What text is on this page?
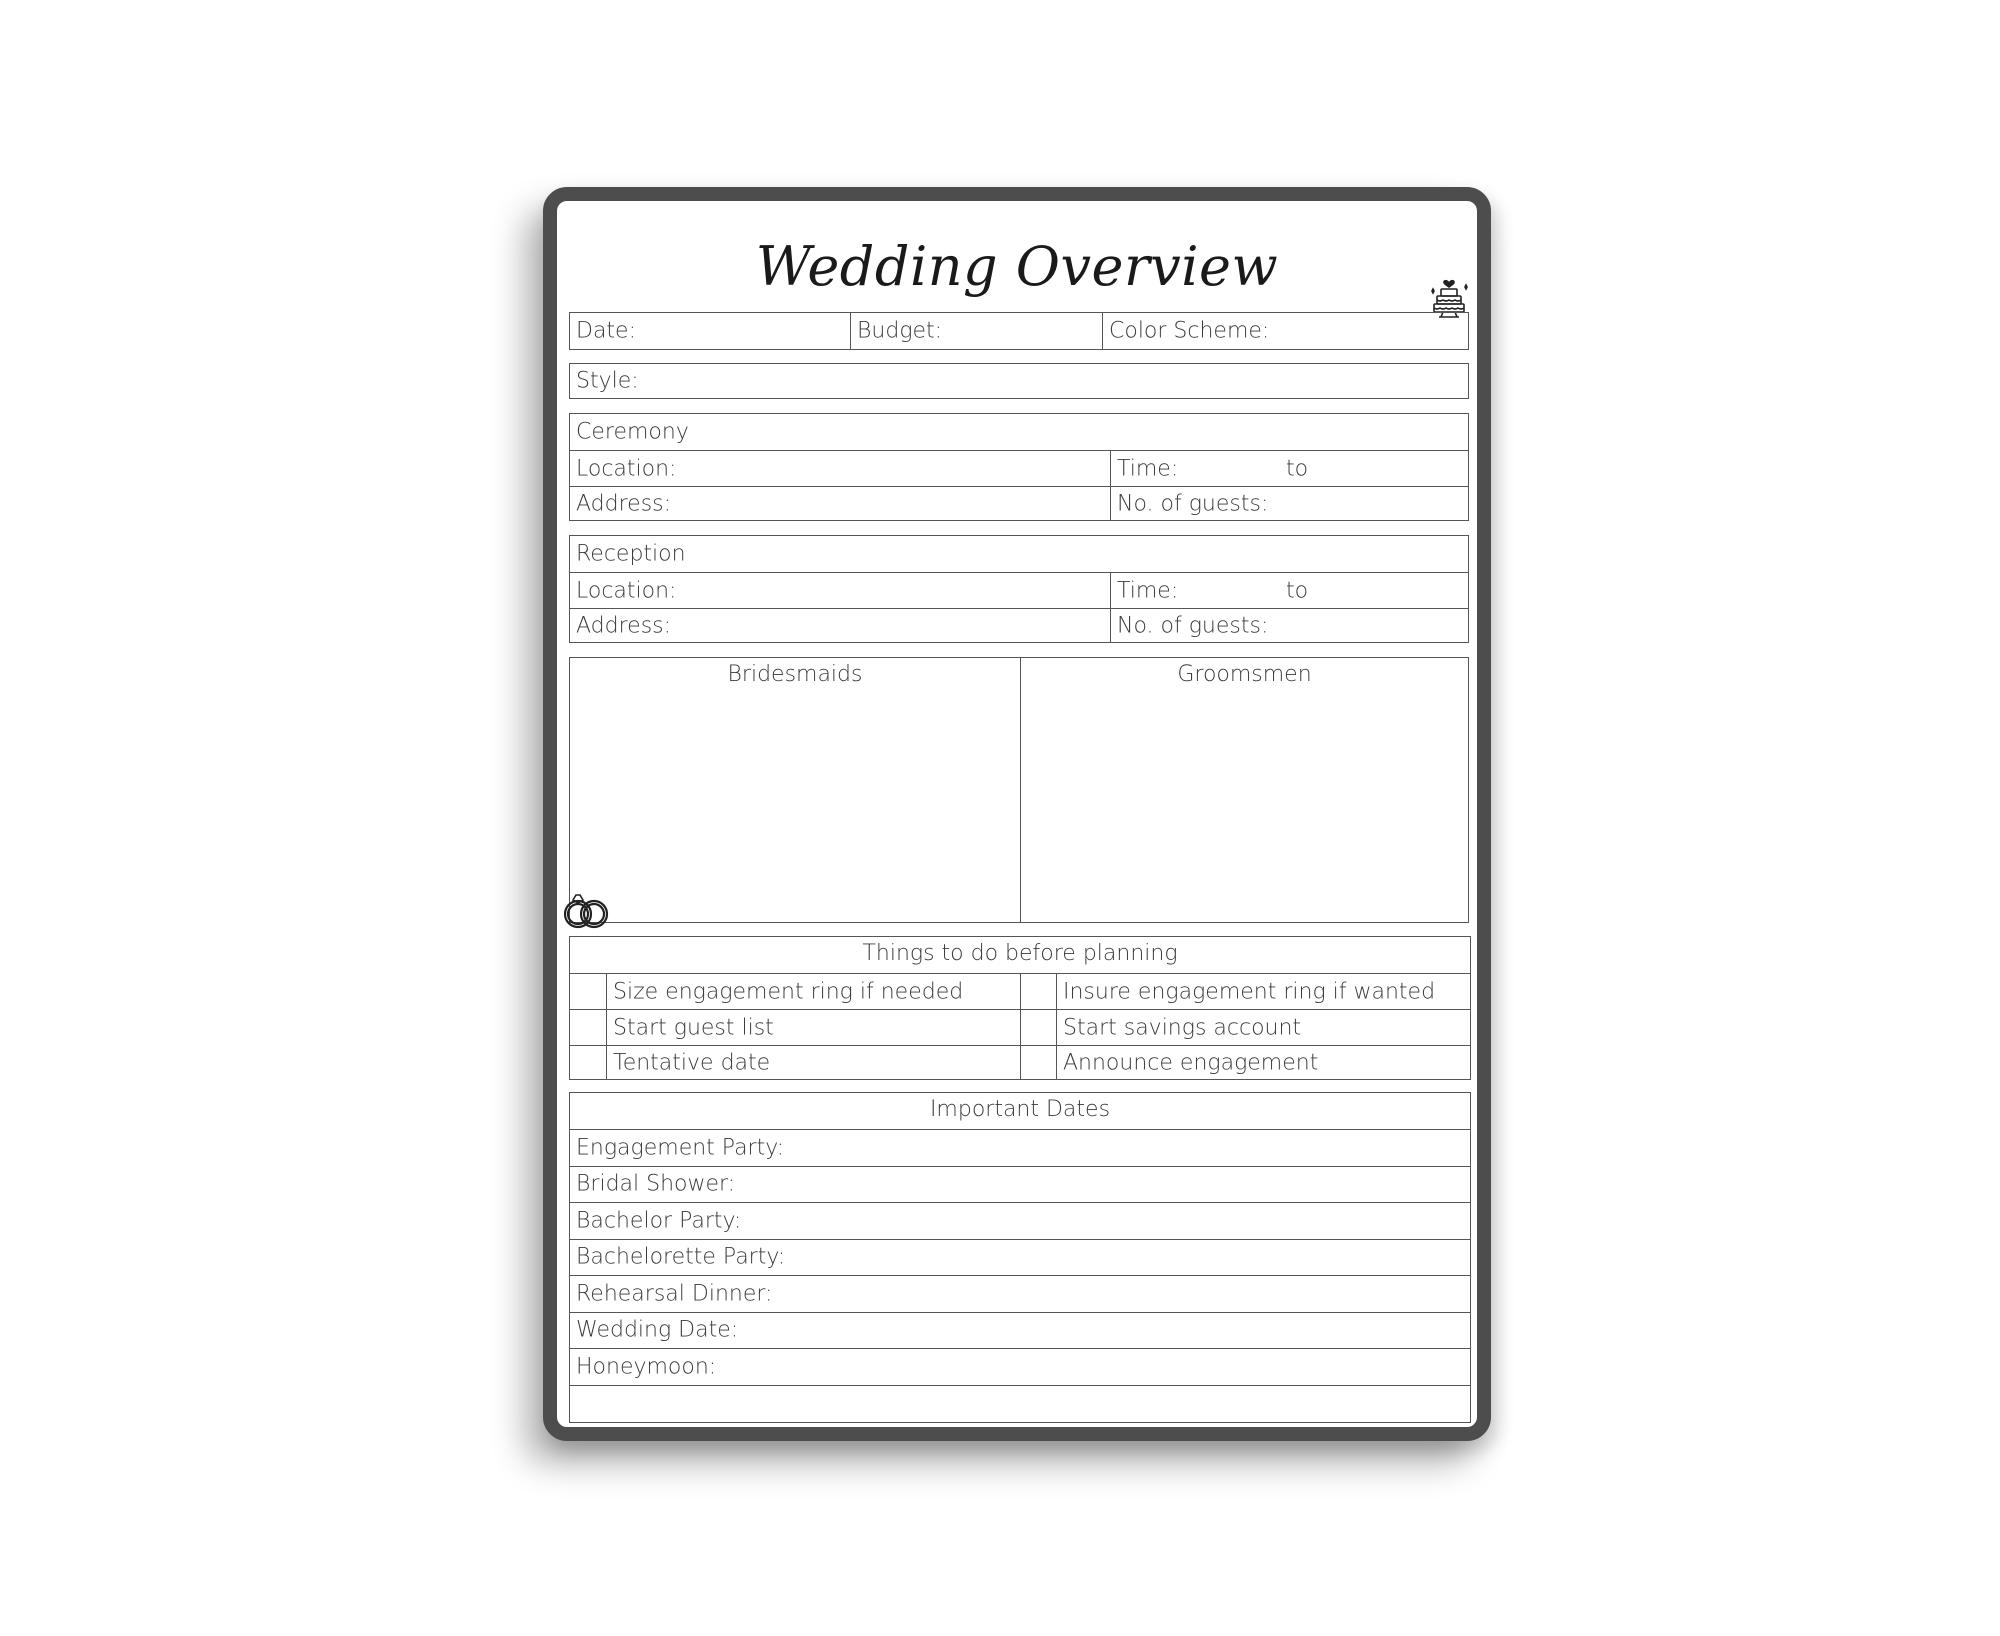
Wedding Overview
Date:	Budget:	Color Scheme:
Style:
Ceremony
Location:	Time:	to
Address:	No. of guests:
Reception
Location:	Time:	to
Address:	No. of guests:
Bridesmaids	Groomsmen
Things to do before planning
Size engagement ring if needed	Insure engagement ring if wanted
Start guest list	Start savings account
Tentative date	Announce engagement
Important Dates
Engagement Party:
Bridal Shower:
Bachelor Party:
Bachelorette Party:
Rehearsal Dinner:
Wedding Date:
Honeymoon:
